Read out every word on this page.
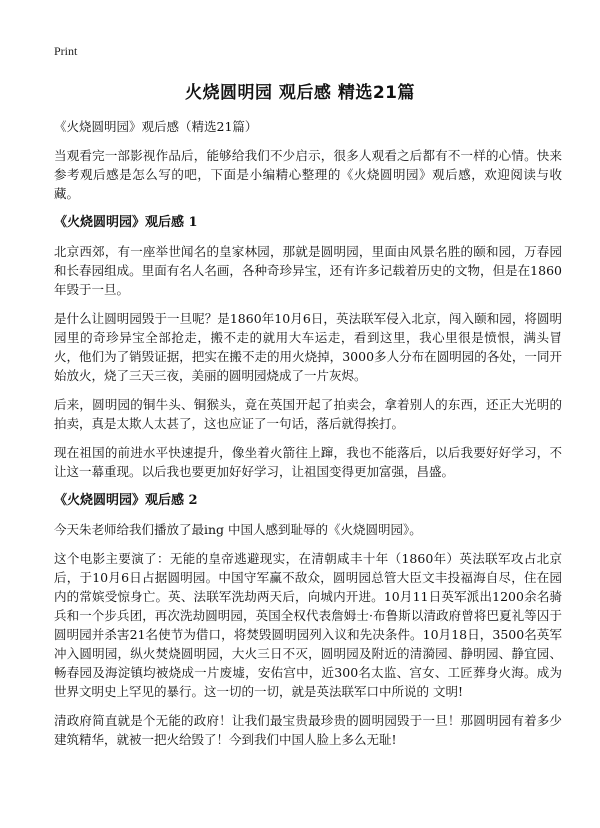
Print
火烧圆明园 观后感 精选21篇
《火烧圆明园》观后感（精选21篇）

当观看完一部影视作品后，能够给我们不少启示，很多人观看之后都有不一样的心情。快来参考观后感是怎么写的吧，下面是小编精心整理的《火烧圆明园》观后感，欢迎阅读与收藏。

《火烧圆明园》观后感 1

北京西郊，有一座举世闻名的皇家林园，那就是圆明园，里面由风景名胜的颐和园，万春园和长春园组成。里面有名人名画，各种奇珍异宝，还有许多记载着历史的文物，但是在1860年毁于一旦。

是什么让圆明园毁于一旦呢？是1860年10月6日，英法联军侵入北京，闯入颐和园，将圆明园里的奇珍异宝全部抢走，搬不走的就用大车运走，看到这里，我心里很是愤恨，满头冒火，他们为了销毁证据，把实在搬不走的用火烧掉，3000多人分布在圆明园的各处，一同开始放火，烧了三天三夜，美丽的圆明园烧成了一片灰烬。

后来，圆明园的铜牛头、铜猴头，竟在英国开起了拍卖会，拿着别人的东西，还正大光明的拍卖，真是太欺人太甚了，这也应证了一句话，落后就得挨打。

现在祖国的前进水平快速提升，像坐着火箭往上蹿，我也不能落后，以后我要好好学习，不让这一幕重现。以后我也要更加好好学习，让祖国变得更加富强，昌盛。

《火烧圆明园》观后感 2

今天朱老师给我们播放了最ing 中国人感到耻辱的《火烧圆明园》。

这个电影主要演了：无能的皇帝逃避现实，在清朝咸丰十年（1860年）英法联军攻占北京后，于10月6日占据圆明园。中国守军赢不敌众，圆明园总管大臣文丰投福海自尽，住在园内的常嫔受惊身亡。英、法联军洗劫两天后，向城内开进。10月11日英军派出1200余名骑兵和一个步兵团，再次洗劫圆明园，英国全权代表詹姆士·布鲁斯以清政府曾将巴夏礼等囚于圆明园并杀害21名使节为借口，将焚毁圆明园列入议和先决条件。10月18日，3500名英军冲入圆明园，纵火焚烧圆明园，大火三日不灭，圆明园及附近的清漪园、静明园、静宜园、畅春园及海淀镇均被烧成一片废墟，安佑宫中，近300名太监、宫女、工匠葬身火海。成为世界文明史上罕见的暴行。这一切的一切，就是英法联军口中所说的 文明!

清政府简直就是个无能的政府！让我们最宝贵最珍贵的圆明园毁于一旦！那圆明园有着多少建筑精华，就被一把火给毁了！今到我们中国人脸上多么无耻!
